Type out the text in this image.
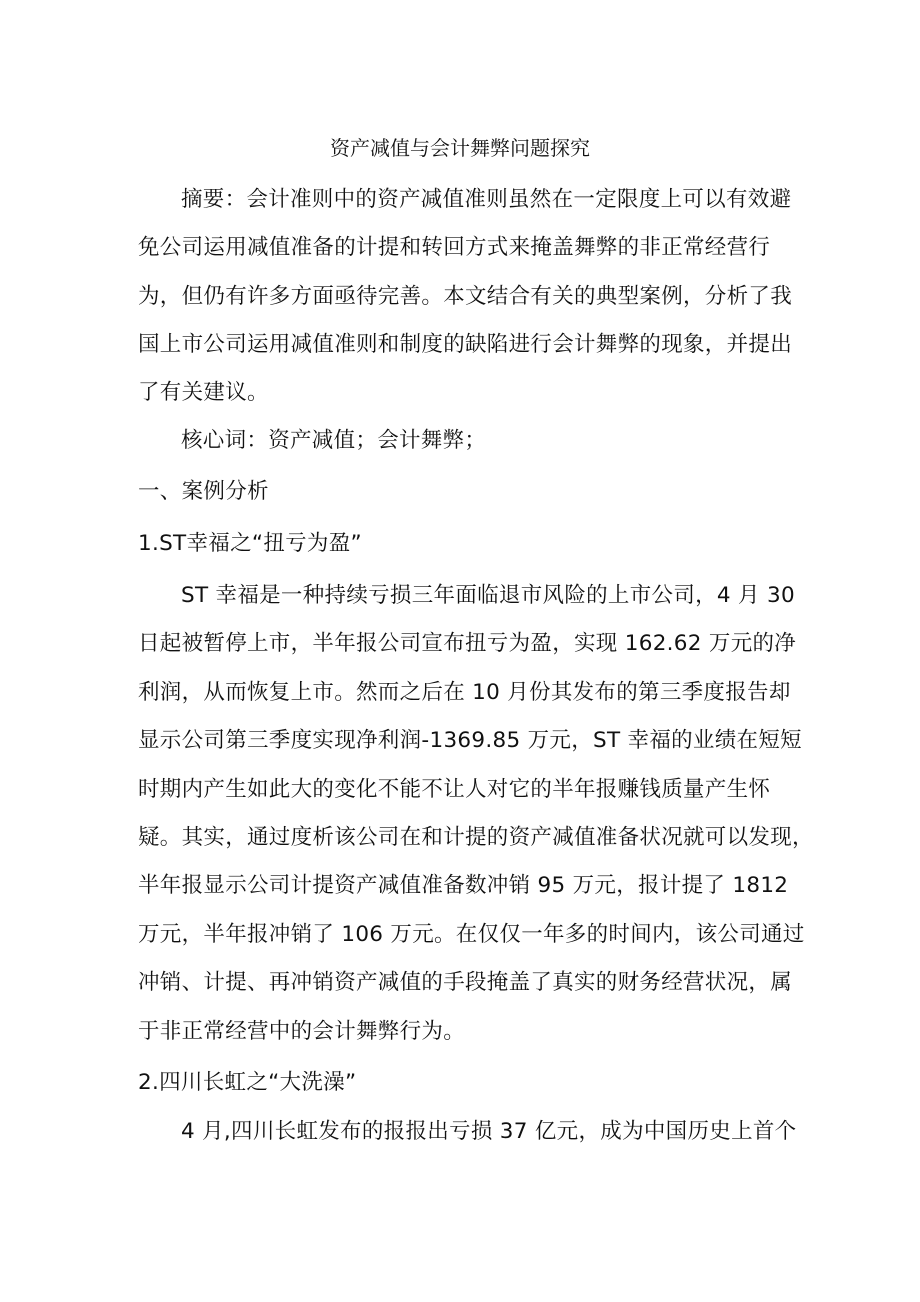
资产减值与会计舞弊问题探究
摘要：会计准则中的资产减值准则虽然在一定限度上可以有效避
免公司运用减值准备的计提和转回方式来掩盖舞弊的非正常经营行
为，但仍有许多方面亟待完善。本文结合有关的典型案例，分析了我
国上市公司运用减值准则和制度的缺陷进行会计舞弊的现象，并提出
了有关建议。
核心词：资产减值；会计舞弊；
一、案例分析
1.ST幸福之“扭亏为盈”
ST 幸福是一种持续亏损三年面临退市风险的上市公司，4 月 30
日起被暂停上市，半年报公司宣布扭亏为盈，实现 162.62 万元的净
利润，从而恢复上市。然而之后在 10 月份其发布的第三季度报告却
显示公司第三季度实现净利润-1369.85 万元，ST 幸福的业绩在短短
时期内产生如此大的变化不能不让人对它的半年报赚钱质量产生怀
疑。其实，通过度析该公司在和计提的资产减值准备状况就可以发现，
半年报显示公司计提资产减值准备数冲销 95 万元，报计提了 1812
万元，半年报冲销了 106 万元。在仅仅一年多的时间内，该公司通过
冲销、计提、再冲销资产减值的手段掩盖了真实的财务经营状况，属
于非正常经营中的会计舞弊行为。
2.四川长虹之“大洗澡”
4 月,四川长虹发布的报报出亏损 37 亿元，成为中国历史上首个
